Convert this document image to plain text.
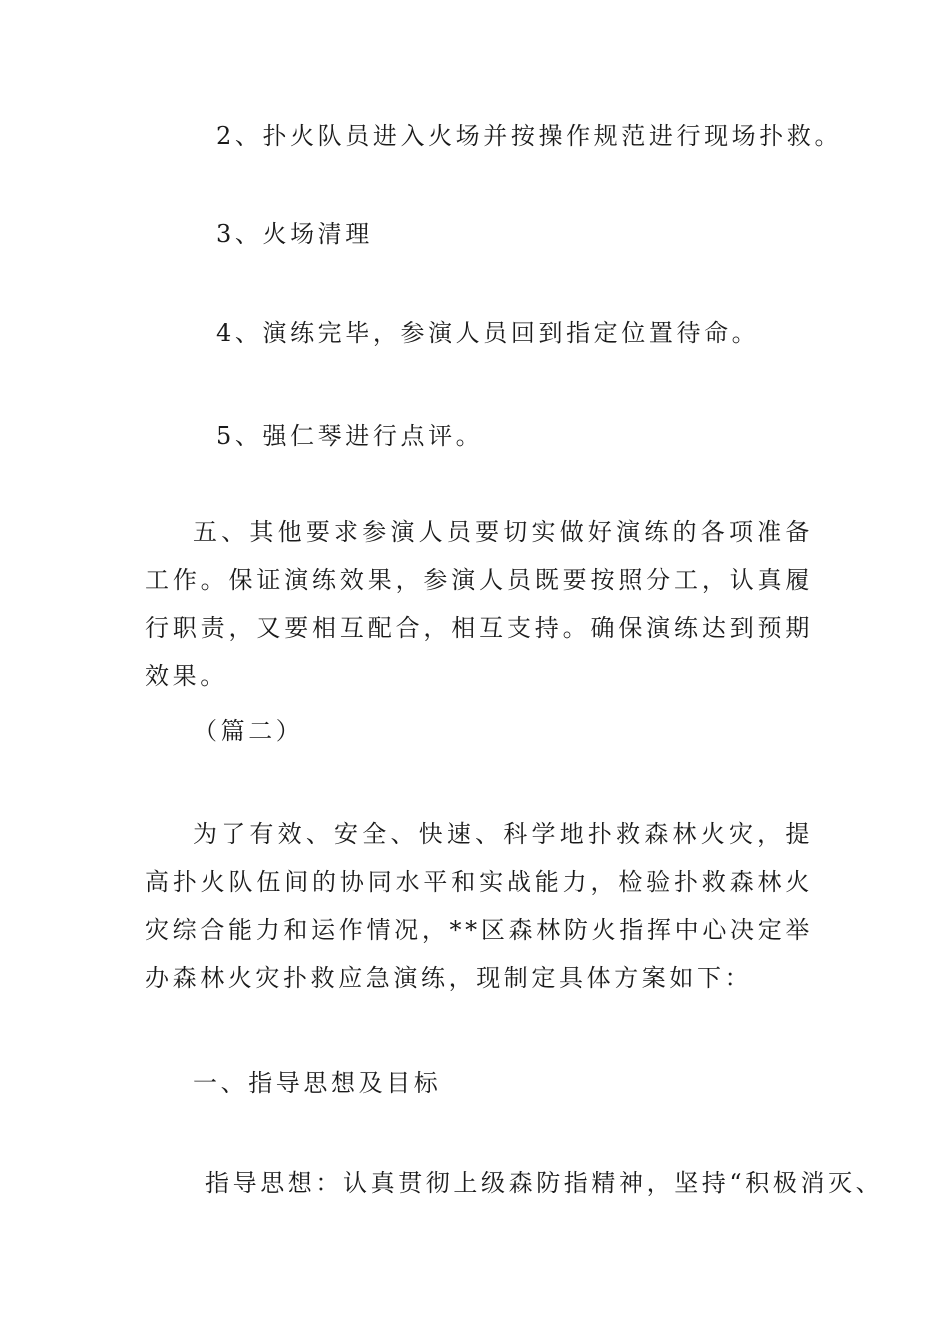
2、扑火队员进入火场并按操作规范进行现场扑救。
3、火场清理
4、演练完毕，参演人员回到指定位置待命。
5、强仁琴进行点评。
五、其他要求参演人员要切实做好演练的各项准备工作。保证演练效果，参演人员既要按照分工，认真履行职责，又要相互配合，相互支持。确保演练达到预期效果。
（篇二）
为了有效、安全、快速、科学地扑救森林火灾，提高扑火队伍间的协同水平和实战能力，检验扑救森林火灾综合能力和运作情况，**区森林防火指挥中心决定举办森林火灾扑救应急演练，现制定具体方案如下：
一、指导思想及目标
指导思想：认真贯彻上级森防指精神，坚持“积极消灭、
